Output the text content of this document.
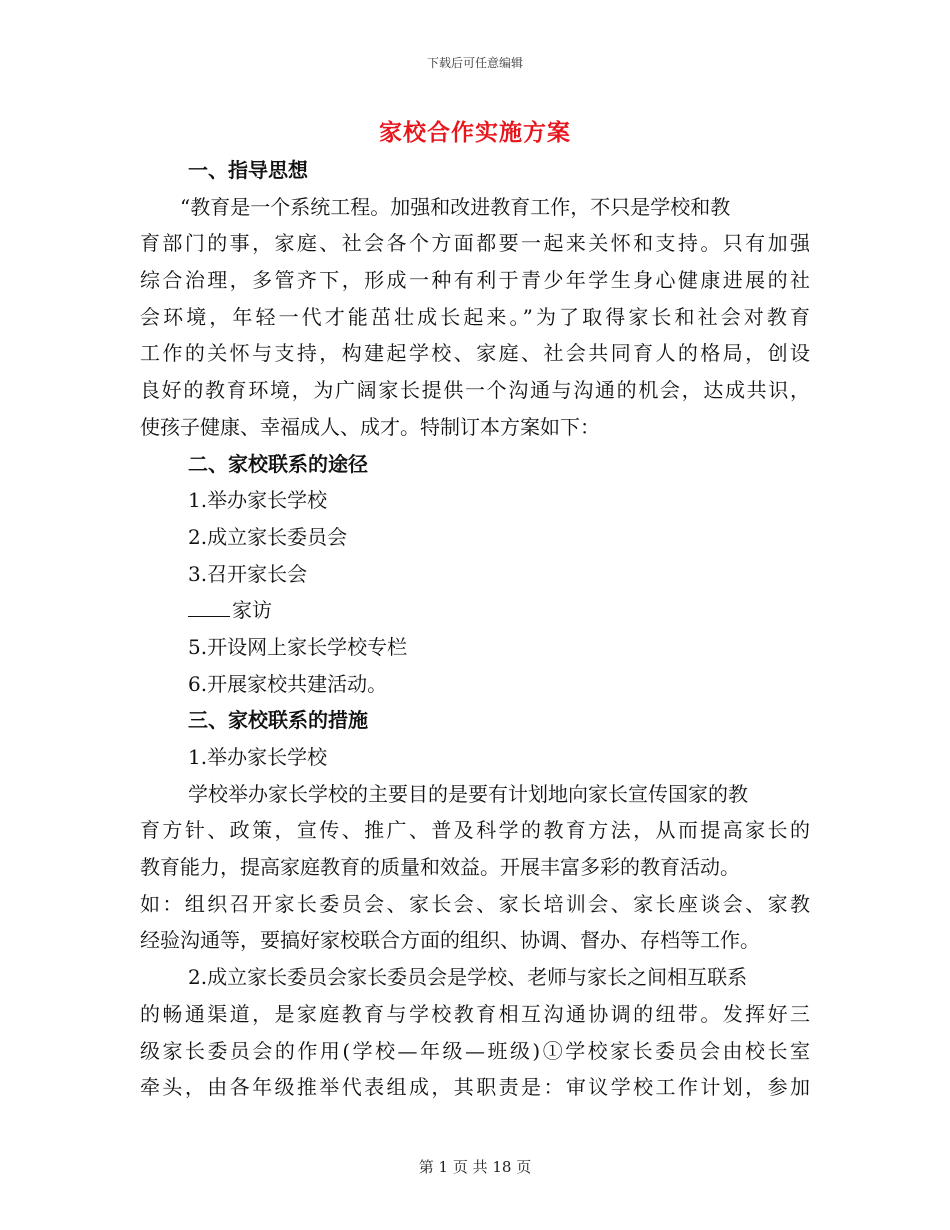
下载后可任意编辑
家校合作实施方案
一、指导思想
“教育是一个系统工程。加强和改进教育工作，不只是学校和教
育部门的事，家庭、社会各个方面都要一起来关怀和支持。只有加强
综合治理，多管齐下，形成一种有利于青少年学生身心健康进展的社
会环境，年轻一代才能茁壮成长起来。”为了取得家长和社会对教育
工作的关怀与支持，构建起学校、家庭、社会共同育人的格局，创设
良好的教育环境，为广阔家长提供一个沟通与沟通的机会，达成共识，
使孩子健康、幸福成人、成才。特制订本方案如下：
二、家校联系的途径
1.举办家长学校
2.成立家长委员会
3.召开家长会
家访
5.开设网上家长学校专栏
6.开展家校共建活动。
三、家校联系的措施
1.举办家长学校
学校举办家长学校的主要目的是要有计划地向家长宣传国家的教
育方针、政策，宣传、推广、普及科学的教育方法，从而提高家长的
教育能力，提高家庭教育的质量和效益。开展丰富多彩的教育活动。
如：组织召开家长委员会、家长会、家长培训会、家长座谈会、家教
经验沟通等，要搞好家校联合方面的组织、协调、督办、存档等工作。
2.成立家长委员会家长委员会是学校、老师与家长之间相互联系
的畅通渠道，是家庭教育与学校教育相互沟通协调的纽带。发挥好三
级家长委员会的作用(学校—年级—班级)①学校家长委员会由校长室
牵头，由各年级推举代表组成，其职责是：审议学校工作计划，参加
第 1 页 共 18 页
